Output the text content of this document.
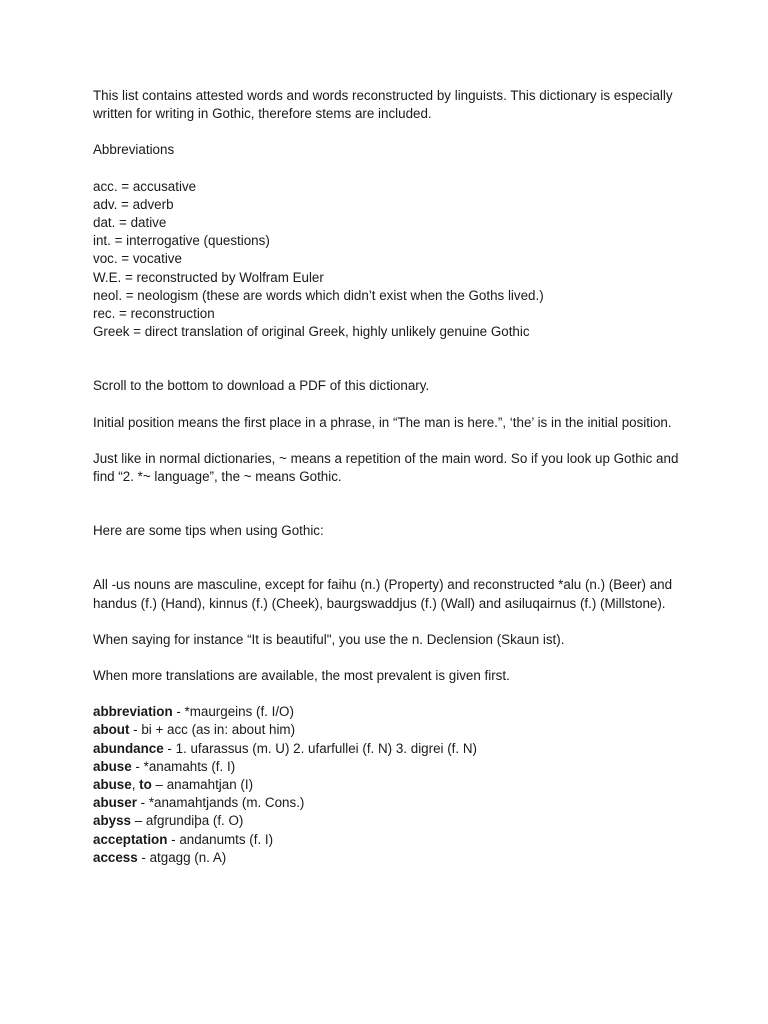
This list contains attested words and words reconstructed by linguists. This dictionary is especially written for writing in Gothic, therefore stems are included.

Abbreviations

acc. = accusative

adv. = adverb

dat. = dative

int. = interrogative (questions)

voc. = vocative

W.E. = reconstructed by Wolfram Euler

neol. = neologism (these are words which didn’t exist when the Goths lived.)

rec. = reconstruction

Greek = direct translation of original Greek, highly unlikely genuine Gothic

Scroll to the bottom to download a PDF of this dictionary.

Initial position means the first place in a phrase, in “The man is here.”, ‘the’ is in the initial position.

Just like in normal dictionaries, ~ means a repetition of the main word. So if you look up Gothic and find “2. *~ language”, the ~ means Gothic.

Here are some tips when using Gothic:

All -us nouns are masculine, except for faihu (n.) (Property) and reconstructed *alu (n.) (Beer) and handus (f.) (Hand), kinnus (f.) (Cheek), baurgswaddjus (f.) (Wall) and asiluqairnus (f.) (Millstone).

When saying for instance “It is beautiful", you use the n. Declension (Skaun ist).

When more translations are available, the most prevalent is given first.

abbreviation - *maurgeins (f. I/O)

about - bi + acc (as in: about him)

abundance - 1. ufarassus (m. U) 2. ufarfullei (f. N) 3. digrei (f. N)

abuse - *anamahts (f. I)

abuse, to – anamahtjan (I)

abuser - *anamahtjands (m. Cons.)

abyss – afgrundiþa (f. O)

acceptation - andanumts (f. I)

access - atgagg (n. A)
